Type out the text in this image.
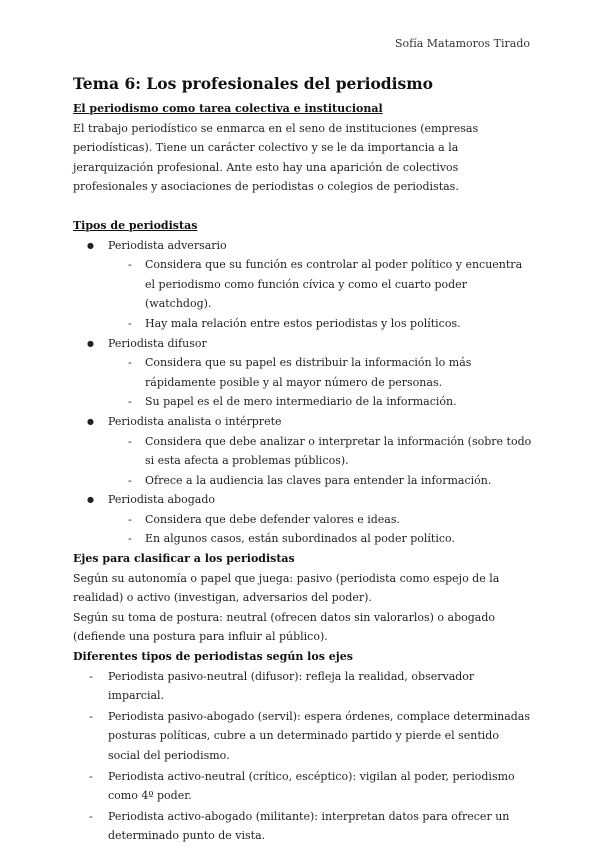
Sofía Matamoros Tirado
Tema 6: Los profesionales del periodismo

El periodismo como tarea colectiva e institucional

El trabajo periodístico se enmarca en el seno de instituciones (empresas periodísticas). Tiene un carácter colectivo y se le da importancia a la jerarquización profesional. Ante esto hay una aparición de colectivos profesionales y asociaciones de periodistas o colegios de periodistas.

Tipos de periodistas

● Periodista adversario
- Considera que su función es controlar al poder político y encuentra el periodismo como función cívica y como el cuarto poder (watchdog).
- Hay mala relación entre estos periodistas y los políticos.
● Periodista difusor
- Considera que su papel es distribuir la información lo más rápidamente posible y al mayor número de personas.
- Su papel es el de mero intermediario de la información.
● Periodista analista o intérprete
- Considera que debe analizar o interpretar la información (sobre todo si esta afecta a problemas públicos).
- Ofrece a la audiencia las claves para entender la información.
● Periodista abogado
- Considera que debe defender valores e ideas.
- En algunos casos, están subordinados al poder político.

Ejes para clasificar a los periodistas

Según su autonomía o papel que juega: pasivo (periodista como espejo de la realidad) o activo (investigan, adversarios del poder).

Según su toma de postura: neutral (ofrecen datos sin valorarlos) o abogado (defiende una postura para influir al público).

Diferentes tipos de periodistas según los ejes

- Periodista pasivo-neutral (difusor): refleja la realidad, observador imparcial.
- Periodista pasivo-abogado (servil): espera órdenes, complace determinadas posturas políticas, cubre a un determinado partido y pierde el sentido social del periodismo.
- Periodista activo-neutral (crítico, escéptico): vigilan al poder, periodismo como 4º poder.
- Periodista activo-abogado (militante): interpretan datos para ofrecer un determinado punto de vista.
